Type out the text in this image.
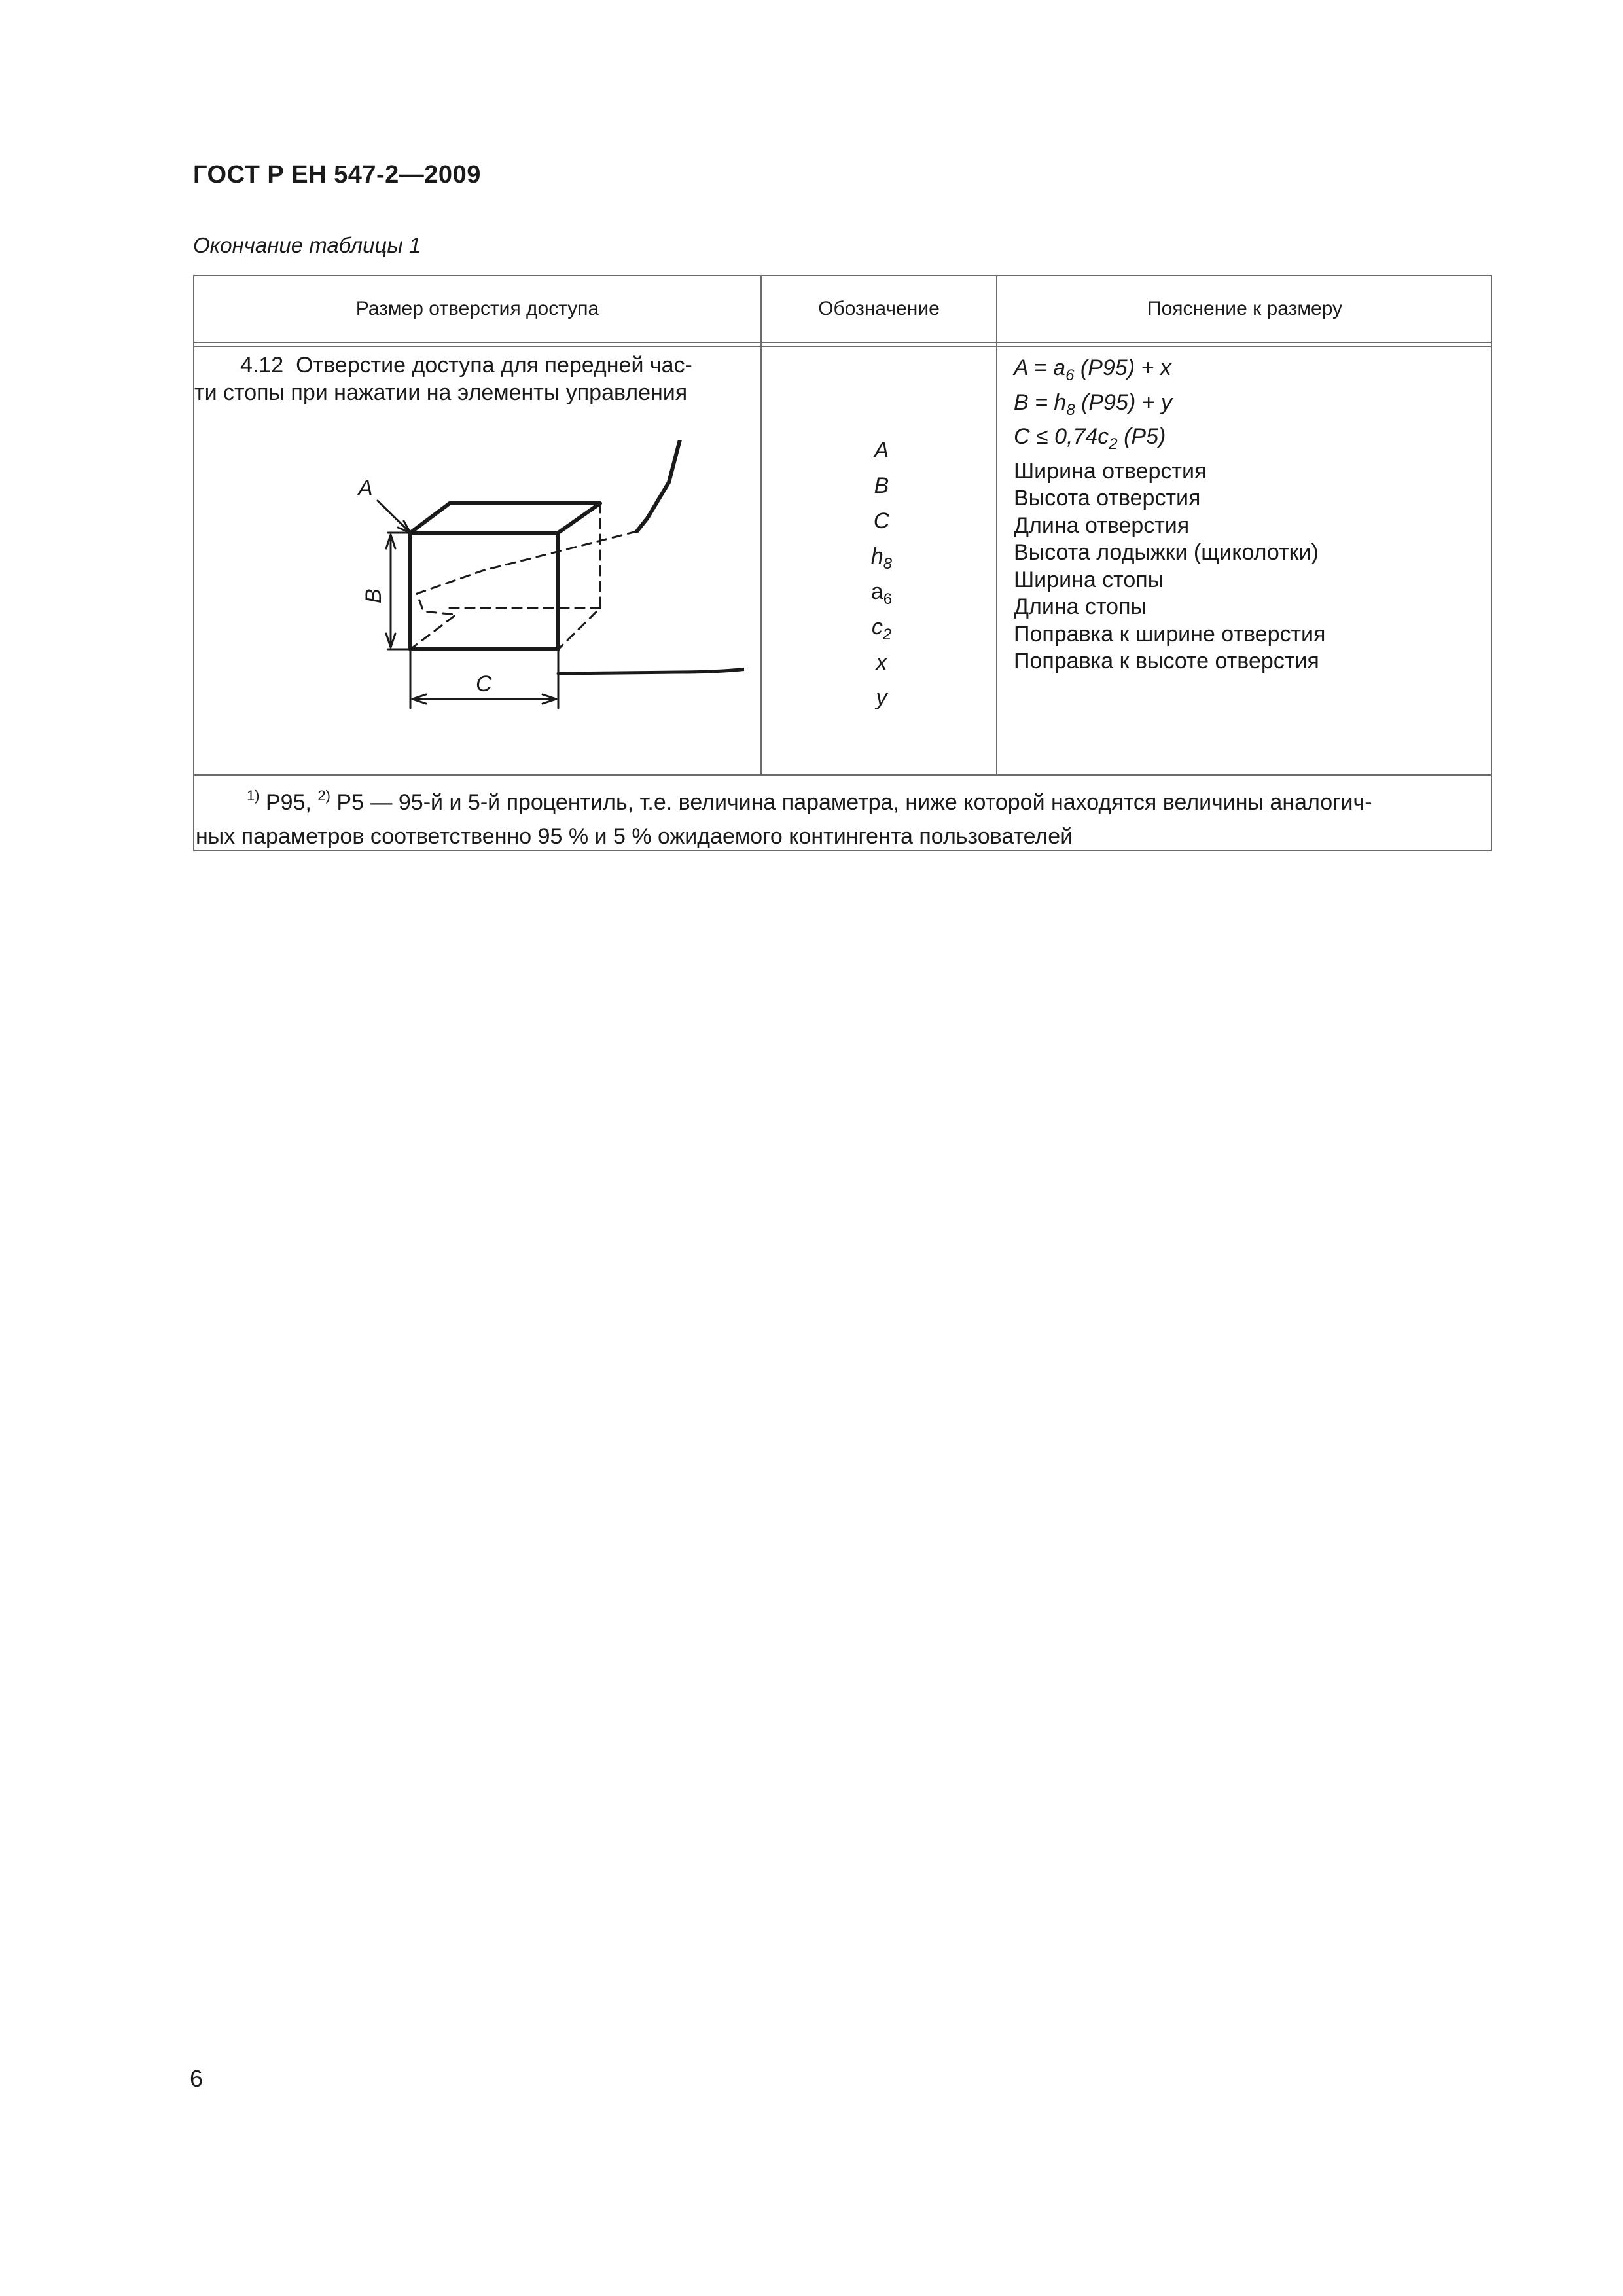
ГОСТ Р ЕН 547-2—2009
Окончание таблицы 1
Размер отверстия доступа	Обозначение	Пояснение к размеру
4.12 Отверстие доступа для передней час-
ти стопы при нажатии на элементы управления
A
B
C
A
B
C
$h_8$
$a_6$
$c_2$
x
y
$A = a_6$ (P95) + x
$B = h_8$ (P95) + y
$C \le 0,74c_2$ (P5)
Ширина отверстия
Высота отверстия
Длина отверстия
Высота лодыжки (щиколотки)
Ширина стопы
Длина стопы
Поправка к ширине отверстия
Поправка к высоте отверстия
$^{1)}$ P95, $^{2)}$ P5 — 95-й и 5-й процентиль, т.е. величина параметра, ниже которой находятся величины аналогич-
ных параметров соответственно 95 % и 5 % ожидаемого контингента пользователей
6
